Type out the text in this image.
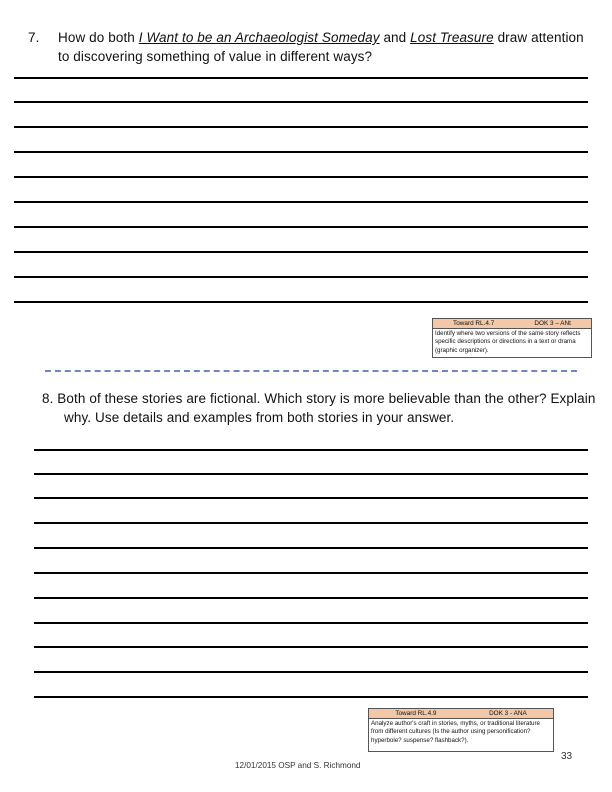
7. How do both I Want to be an Archaeologist Someday and Lost Treasure draw attention to discovering something of value in different ways?
Toward RL.4.7	DOK 3 – ANt
Identify where two versions of the same story reflects specific descriptions or directions in a text or drama (graphic organizer).
8. Both of these stories are fictional. Which story is more believable than the other? Explain why. Use details and examples from both stories in your answer.
Toward RL.4.9	DOK 3 - ANA
Analyze author's craft in stories, myths, or traditional literature from different cultures (Is the author using personification? hyperbole? suspense? flashback?).
12/01/2015 OSP and S. Richmond
33
